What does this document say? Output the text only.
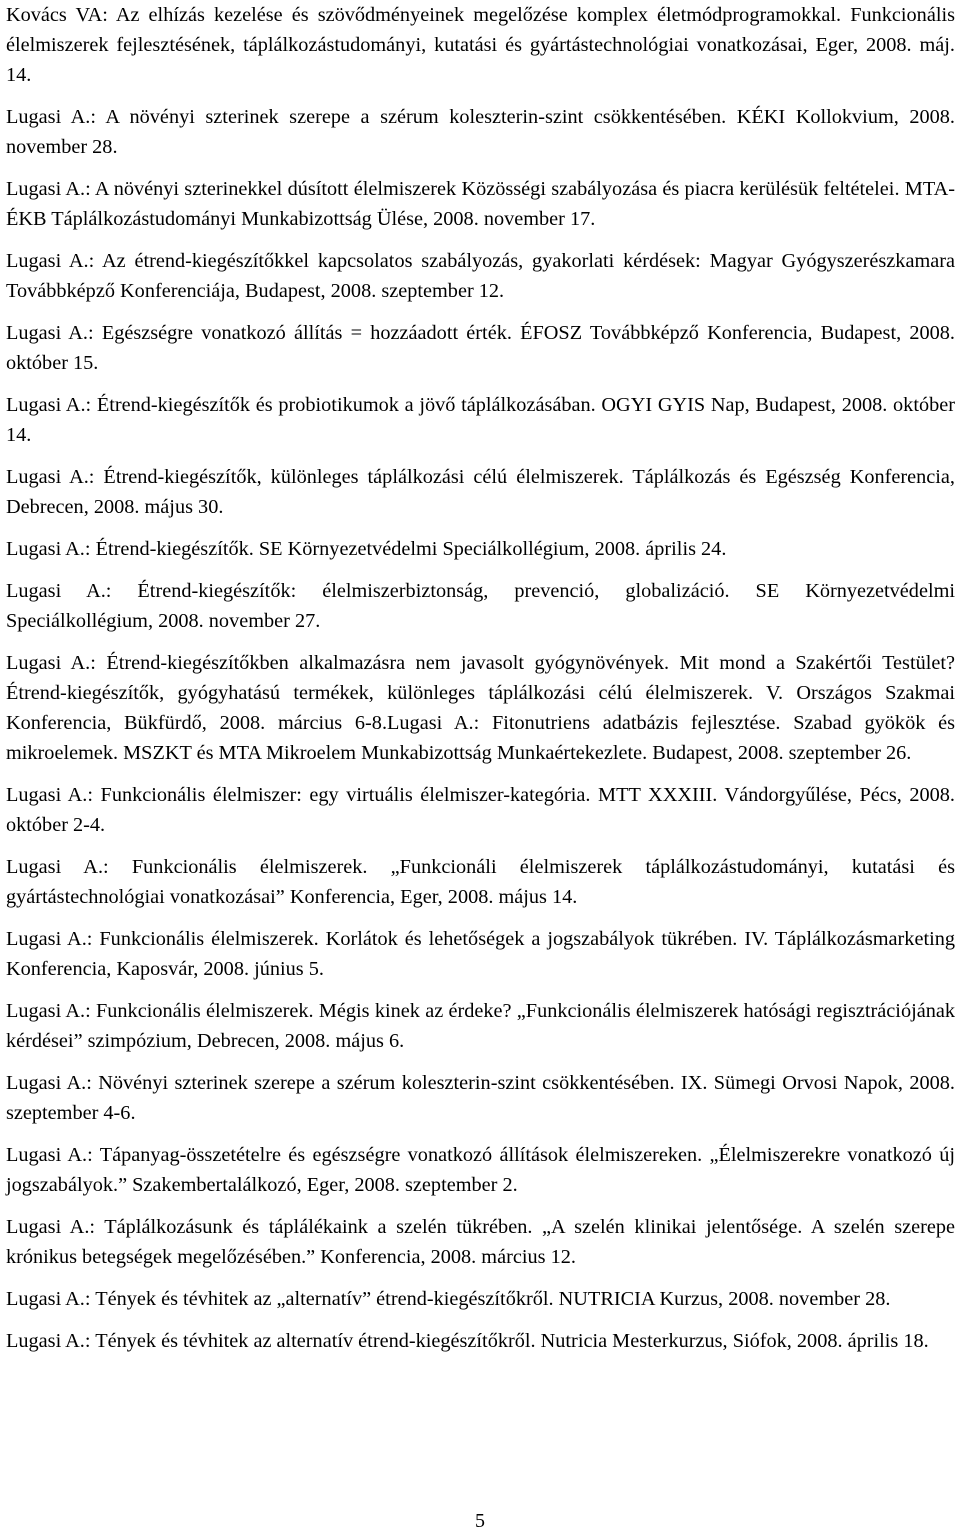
Kovács VA: Az elhízás kezelése és szövődményeinek megelőzése komplex életmódprogramokkal. Funkcionális élelmiszerek fejlesztésének, táplálkozástudományi, kutatási és gyártástechnológiai vonatkozásai, Eger, 2008. máj. 14.

Lugasi A.: A növényi szterinek szerepe a szérum koleszterin-szint csökkentésében. KÉKI Kollokvium, 2008. november 28.

Lugasi A.: A növényi szterinekkel dúsított élelmiszerek Közösségi szabályozása és piacra kerülésük feltételei. MTA-ÉKB Táplálkozástudományi Munkabizottság Ülése, 2008. november 17.

Lugasi A.: Az étrend-kiegészítőkkel kapcsolatos szabályozás, gyakorlati kérdések: Magyar Gyógyszerészkamara Továbbképző Konferenciája, Budapest, 2008. szeptember 12.

Lugasi A.: Egészségre vonatkozó állítás = hozzáadott érték. ÉFOSZ Továbbképző Konferencia, Budapest, 2008. október 15.

Lugasi A.: Étrend-kiegészítők és probiotikumok a jövő táplálkozásában. OGYI GYIS Nap, Budapest, 2008. október 14.

Lugasi A.: Étrend-kiegészítők, különleges táplálkozási célú élelmiszerek. Táplálkozás és Egészség Konferencia, Debrecen, 2008. május 30.

Lugasi A.: Étrend-kiegészítők. SE Környezetvédelmi Speciálkollégium, 2008. április 24.

Lugasi A.: Étrend-kiegészítők: élelmiszerbiztonság, prevenció, globalizáció. SE Környezetvédelmi Speciálkollégium, 2008. november 27.

Lugasi A.: Étrend-kiegészítőkben alkalmazásra nem javasolt gyógynövények. Mit mond a Szakértői Testület? Étrend-kiegészítők, gyógyhatású termékek, különleges táplálkozási célú élelmiszerek. V. Országos Szakmai Konferencia, Bükfürdő, 2008. március 6-8.Lugasi A.: Fitonutriens adatbázis fejlesztése. Szabad gyökök és mikroelemek. MSZKT és MTA Mikroelem Munkabizottság Munkaértekezlete. Budapest, 2008. szeptember 26.

Lugasi A.: Funkcionális élelmiszer: egy virtuális élelmiszer-kategória. MTT XXXIII. Vándorgyűlése, Pécs, 2008. október 2-4.

Lugasi A.: Funkcionális élelmiszerek. „Funkcionáli élelmiszerek táplálkozástudományi, kutatási és gyártástechnológiai vonatkozásai” Konferencia, Eger, 2008. május 14.

Lugasi A.: Funkcionális élelmiszerek. Korlátok és lehetőségek a jogszabályok tükrében. IV. Táplálkozásmarketing Konferencia, Kaposvár, 2008. június 5.

Lugasi A.: Funkcionális élelmiszerek. Mégis kinek az érdeke? „Funkcionális élelmiszerek hatósági regisztrációjának kérdései” szimpózium, Debrecen, 2008. május 6.

Lugasi A.: Növényi szterinek szerepe a szérum koleszterin-szint csökkentésében. IX. Sümegi Orvosi Napok, 2008. szeptember 4-6.

Lugasi A.: Tápanyag-összetételre és egészségre vonatkozó állítások élelmiszereken. „Élelmiszerekre vonatkozó új jogszabályok.” Szakembertalálkozó, Eger, 2008. szeptember 2.

Lugasi A.: Táplálkozásunk és táplálékaink a szelén tükrében. „A szelén klinikai jelentősége. A szelén szerepe krónikus betegségek megelőzésében.” Konferencia, 2008. március 12.

Lugasi A.: Tények és tévhitek az „alternatív” étrend-kiegészítőkről. NUTRICIA Kurzus, 2008. november 28.

Lugasi A.: Tények és tévhitek az alternatív étrend-kiegészítőkről. Nutricia Mesterkurzus, Siófok, 2008. április 18.

5
